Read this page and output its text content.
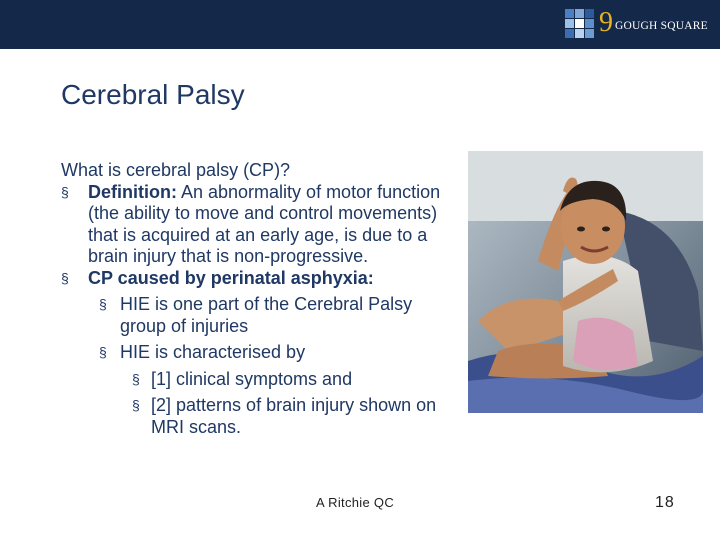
9 GOUGH SQUARE
Cerebral Palsy
What is cerebral palsy (CP)?
§ Definition: An abnormality of motor function (the ability to move and control movements) that is acquired at an early age, is due to a brain injury that is non-progressive.
§ CP caused by perinatal asphyxia:
§ HIE is one part of the Cerebral Palsy group of injuries
§ HIE is characterised by
§ [1] clinical symptoms and
§ [2] patterns of brain injury shown on MRI scans.
A Ritchie QC	18
